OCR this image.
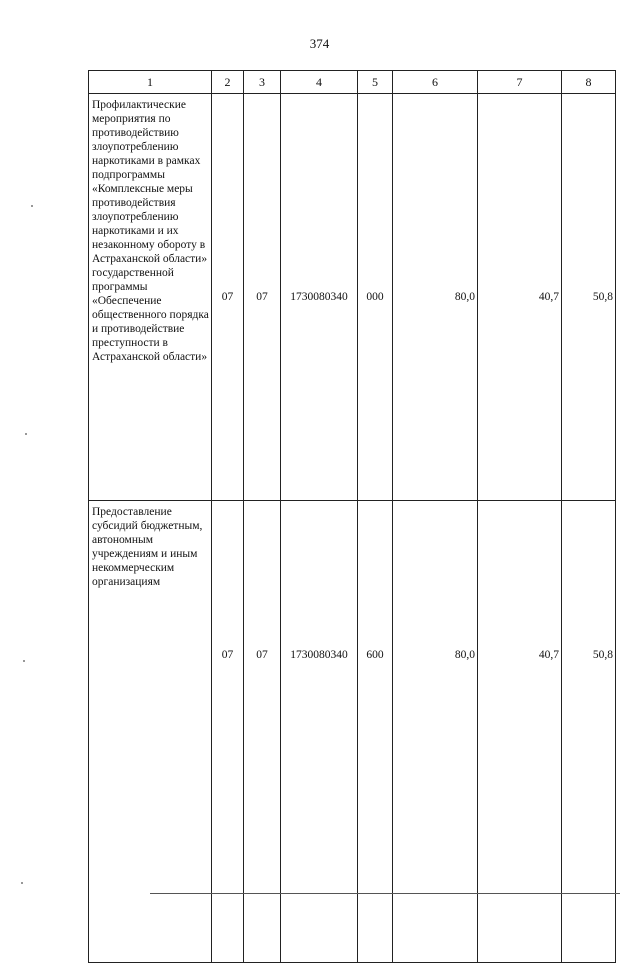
374
1	2	3	4	5	6	7	8
Профилактические мероприятия по противодействию злоупотреблению наркотиками в рамках подпрограммы «Комплексные меры противодействия злоупотреблению наркотиками и их незаконному обороту в Астраханской области» государственной программы «Обеспечение общественного порядка и противодействие преступности в Астраханской области»	07	07	1730080340	000	80,0	40,7	50,8
Предоставление субсидий бюджетным, автономным учреждениям и иным некоммерческим организациям	07	07	1730080340	600	80,0	40,7	50,8
